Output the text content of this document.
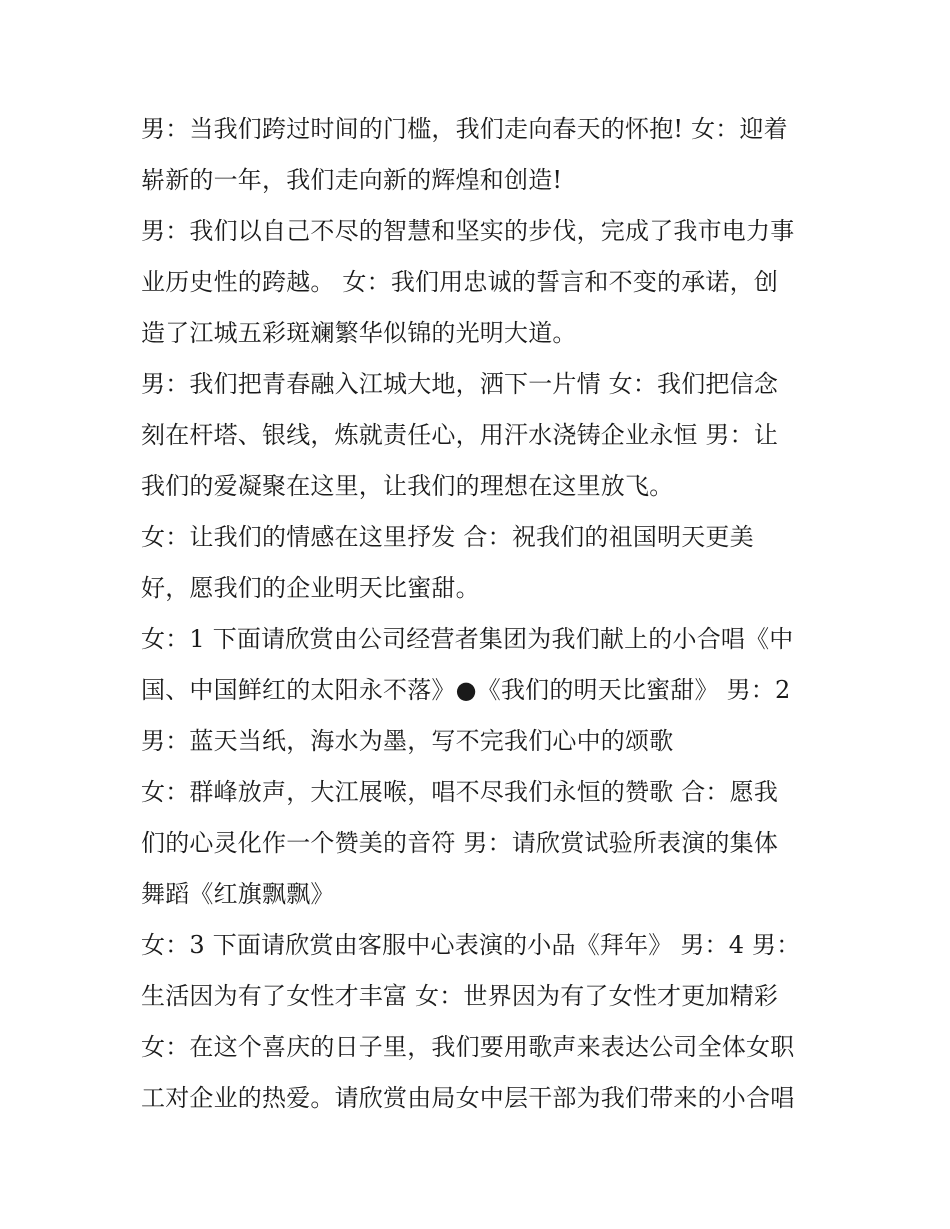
男：当我们跨过时间的门槛，我们走向春天的怀抱! 女：迎着
崭新的一年，我们走向新的辉煌和创造!
男：我们以自己不尽的智慧和坚实的步伐，完成了我市电力事
业历史性的跨越。 女：我们用忠诚的誓言和不变的承诺，创
造了江城五彩斑斓繁华似锦的光明大道。
男：我们把青春融入江城大地，洒下一片情 女：我们把信念
刻在杆塔、银线，炼就责任心，用汗水浇铸企业永恒 男：让
我们的爱凝聚在这里，让我们的理想在这里放飞。
女：让我们的情感在这里抒发 合：祝我们的祖国明天更美
好，愿我们的企业明天比蜜甜。
女：1 下面请欣赏由公司经营者集团为我们献上的小合唱《中
国、中国鲜红的太阳永不落》●《我们的明天比蜜甜》 男：2
男：蓝天当纸，海水为墨，写不完我们心中的颂歌
女：群峰放声，大江展喉，唱不尽我们永恒的赞歌 合：愿我
们的心灵化作一个赞美的音符 男：请欣赏试验所表演的集体
舞蹈《红旗飘飘》
女：3 下面请欣赏由客服中心表演的小品《拜年》 男：4 男：
生活因为有了女性才丰富 女：世界因为有了女性才更加精彩
女：在这个喜庆的日子里，我们要用歌声来表达公司全体女职
工对企业的热爱。请欣赏由局女中层干部为我们带来的小合唱
